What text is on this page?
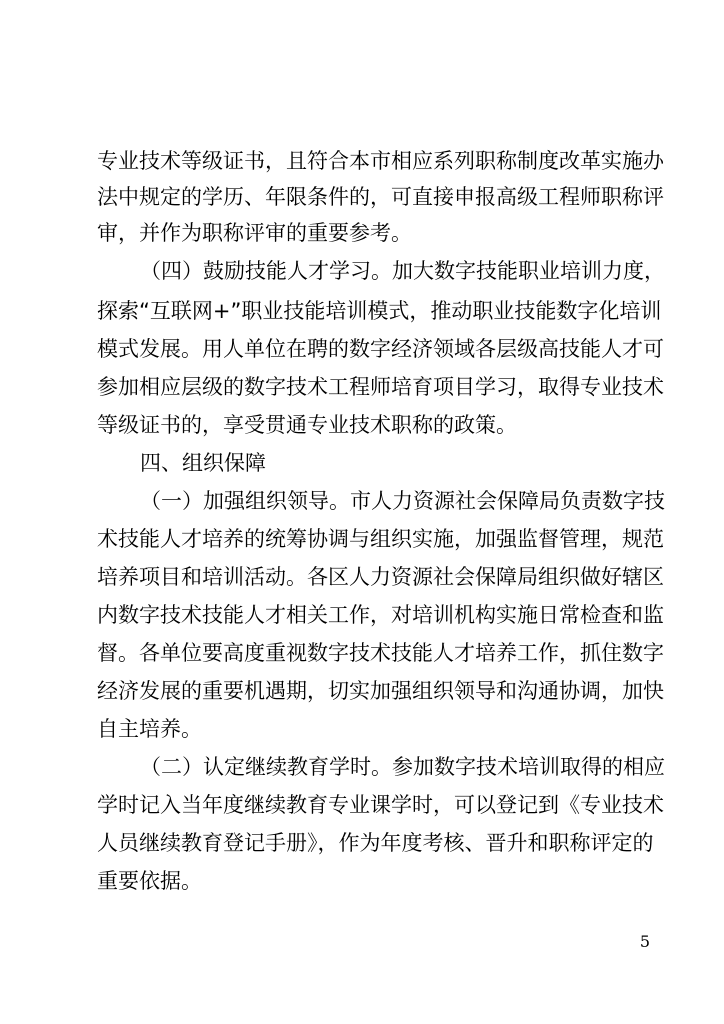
专业技术等级证书，且符合本市相应系列职称制度改革实施办
法中规定的学历、年限条件的，可直接申报高级工程师职称评
审，并作为职称评审的重要参考。
（四）鼓励技能人才学习。加大数字技能职业培训力度，
探索“互联网+”职业技能培训模式，推动职业技能数字化培训
模式发展。用人单位在聘的数字经济领域各层级高技能人才可
参加相应层级的数字技术工程师培育项目学习，取得专业技术
等级证书的，享受贯通专业技术职称的政策。
四、组织保障
（一）加强组织领导。市人力资源社会保障局负责数字技
术技能人才培养的统筹协调与组织实施，加强监督管理，规范
培养项目和培训活动。各区人力资源社会保障局组织做好辖区
内数字技术技能人才相关工作，对培训机构实施日常检查和监
督。各单位要高度重视数字技术技能人才培养工作，抓住数字
经济发展的重要机遇期，切实加强组织领导和沟通协调，加快
自主培养。
（二）认定继续教育学时。参加数字技术培训取得的相应
学时记入当年度继续教育专业课学时，可以登记到《专业技术
人员继续教育登记手册》，作为年度考核、晋升和职称评定的
重要依据。
5
